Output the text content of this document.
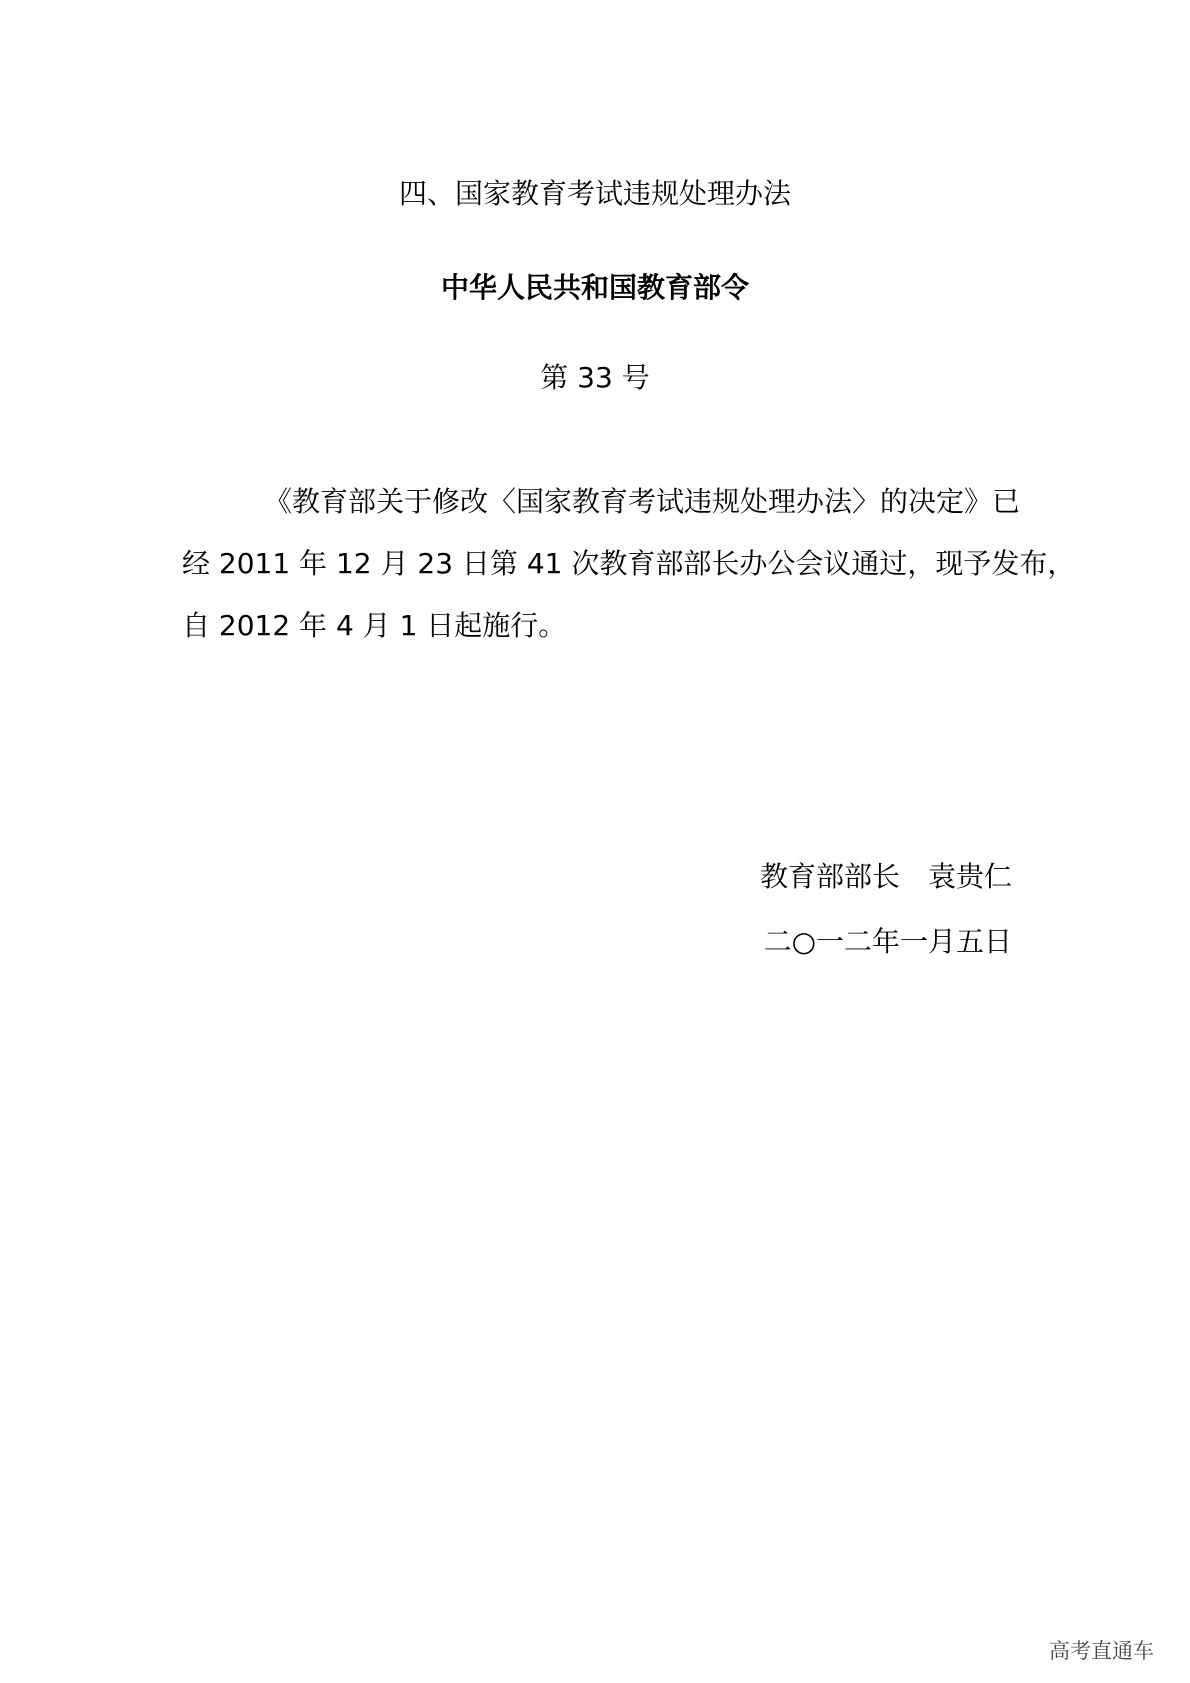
四、国家教育考试违规处理办法
中华人民共和国教育部令
第 33 号
《教育部关于修改〈国家教育考试违规处理办法〉的决定》已
经 2011 年 12 月 23 日第 41 次教育部部长办公会议通过，现予发布，
自 2012 年 4 月 1 日起施行。
教育部部长 袁贵仁
二○一二年一月五日
高考直通车
